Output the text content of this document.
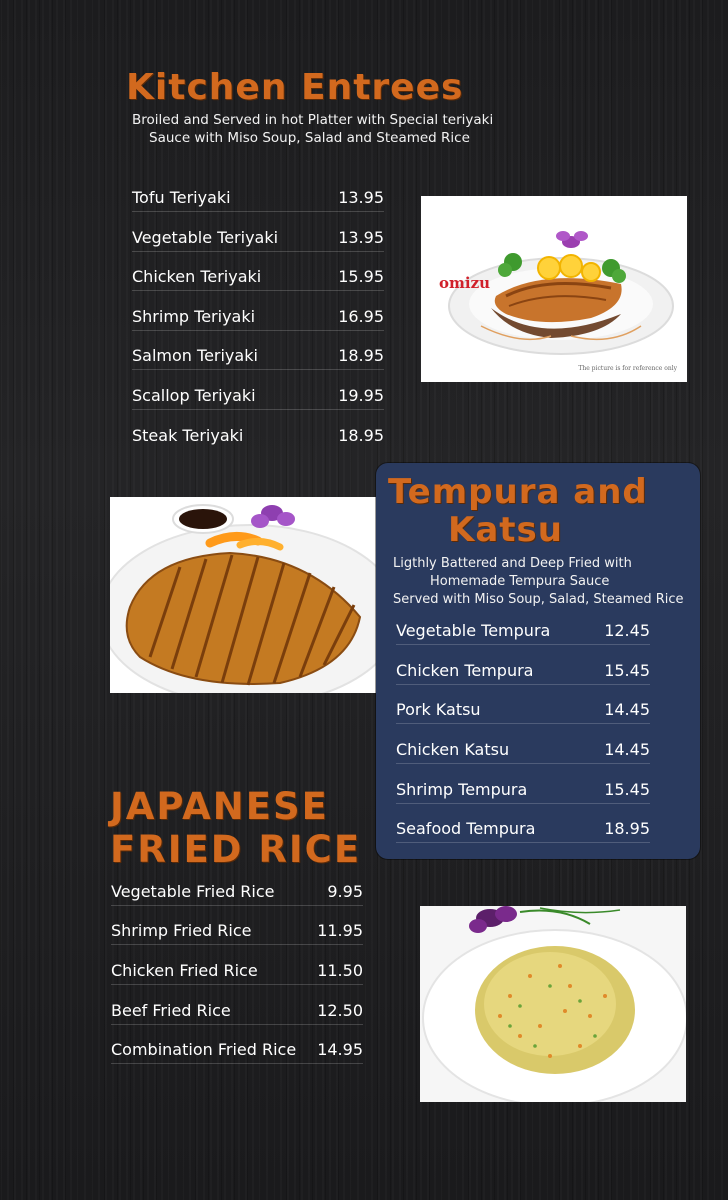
Kitchen Entrees
Broiled and Served in hot Platter with Special teriyaki
Sauce with Miso Soup, Salad and Steamed Rice
Tofu Teriyaki	13.95
Vegetable Teriyaki	13.95
Chicken Teriyaki	15.95
Shrimp Teriyaki	16.95
Salmon Teriyaki	18.95
Scallop Teriyaki	19.95
Steak Teriyaki	18.95
omizu
The picture is for reference only
Tempura and
Katsu
Ligthly Battered and Deep Fried with
Homemade Tempura Sauce
Served with Miso Soup, Salad, Steamed Rice
Vegetable Tempura	12.45
Chicken Tempura	15.45
Pork Katsu	14.45
Chicken Katsu	14.45
Shrimp Tempura	15.45
Seafood Tempura	18.95
JAPANESE
FRIED RICE
Vegetable Fried Rice	9.95
Shrimp Fried Rice	11.95
Chicken Fried Rice	11.50
Beef Fried Rice	12.50
Combination Fried Rice 14.95
